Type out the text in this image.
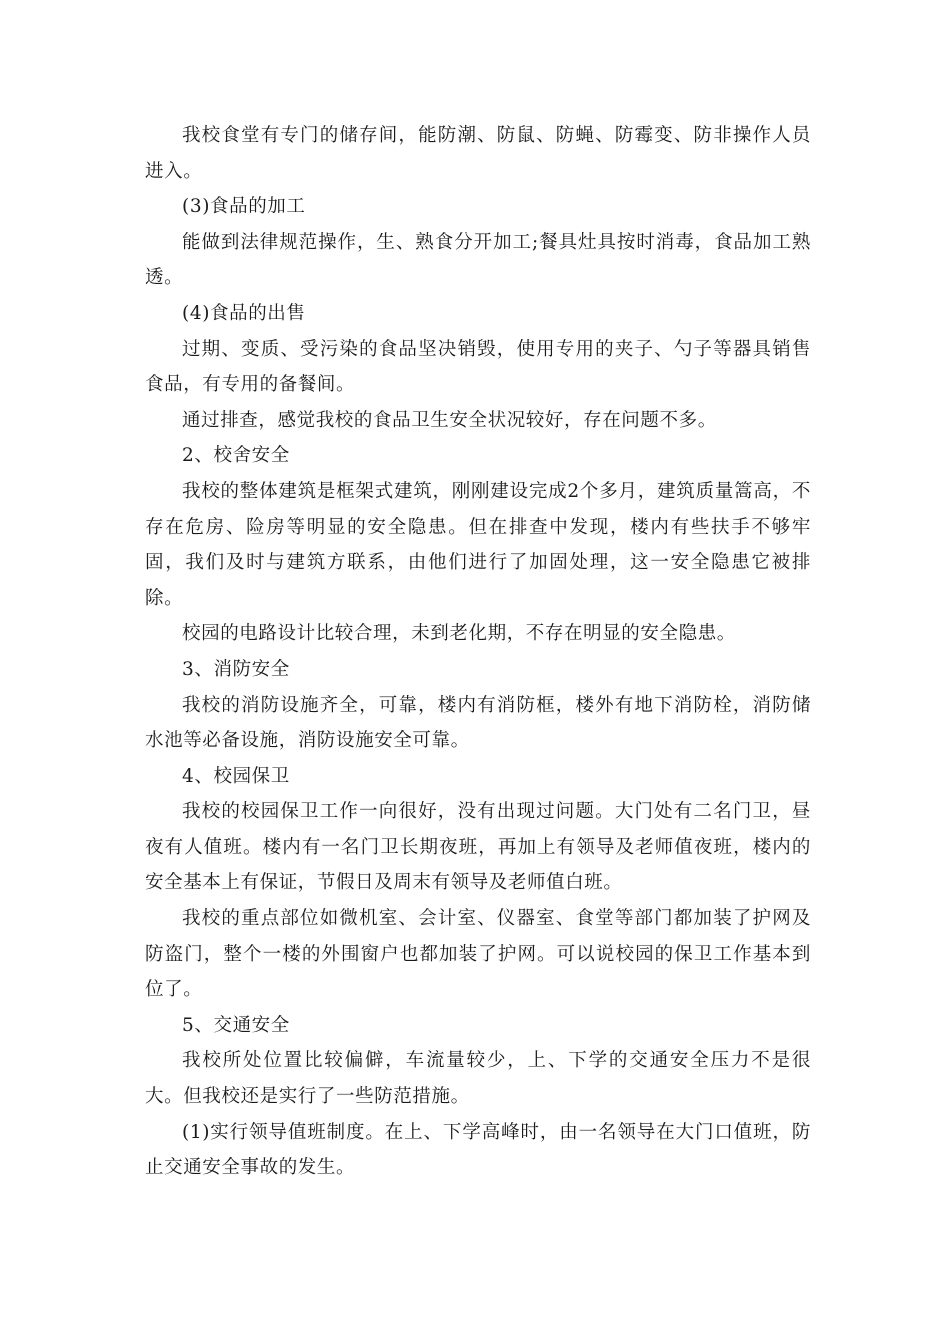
我校食堂有专门的储存间，能防潮、防鼠、防蝇、防霉变、防非操作人员进入。

(3)食品的加工

能做到法律规范操作，生、熟食分开加工;餐具灶具按时消毒，食品加工熟透。

(4)食品的出售

过期、变质、受污染的食品坚决销毁，使用专用的夹子、勺子等器具销售食品，有专用的备餐间。

通过排查，感觉我校的食品卫生安全状况较好，存在问题不多。

2、校舍安全

我校的整体建筑是框架式建筑，刚刚建设完成2个多月，建筑质量篙高，不存在危房、险房等明显的安全隐患。但在排查中发现，楼内有些扶手不够牢固，我们及时与建筑方联系，由他们进行了加固处理，这一安全隐患它被排除。

校园的电路设计比较合理，未到老化期，不存在明显的安全隐患。

3、消防安全

我校的消防设施齐全，可靠，楼内有消防框，楼外有地下消防栓，消防储水池等必备设施，消防设施安全可靠。

4、校园保卫

我校的校园保卫工作一向很好，没有出现过问题。大门处有二名门卫，昼夜有人值班。楼内有一名门卫长期夜班，再加上有领导及老师值夜班，楼内的安全基本上有保证，节假日及周末有领导及老师值白班。

我校的重点部位如微机室、会计室、仪器室、食堂等部门都加装了护网及防盗门，整个一楼的外围窗户也都加装了护网。可以说校园的保卫工作基本到位了。

5、交通安全

我校所处位置比较偏僻，车流量较少，上、下学的交通安全压力不是很大。但我校还是实行了一些防范措施。

(1)实行领导值班制度。在上、下学高峰时，由一名领导在大门口值班，防止交通安全事故的发生。
